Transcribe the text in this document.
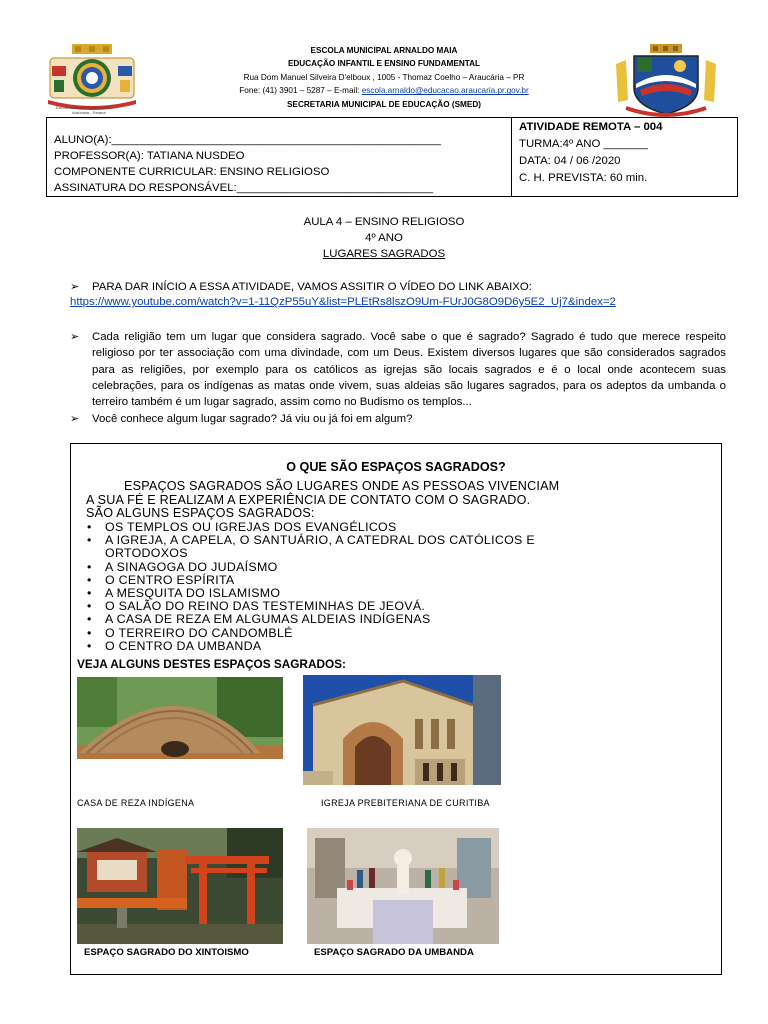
Escola Municipal Arnaldo Maia
Araucária - Paraná
ESCOLA MUNICIPAL ARNALDO MAIA
EDUCAÇÃO INFANTIL E ENSINO FUNDAMENTAL
Rua Dom Manuel Silveira D'elboux , 1005 - Thomaz Coelho – Araucária – PR
Fone: (41) 3901 – 5287 – E-mail: escola.arnaldo@educacao.araucaria.pr.gov.br
SECRETARIA MUNICIPAL DE EDUCAÇÃO (SMED)
ALUNO(A):____________________________________________________
PROFESSOR(A): TATIANA NUSDEO
COMPONENTE CURRICULAR: ENSINO RELIGIOSO
ASSINATURA DO RESPONSÁVEL:_______________________________
ATIVIDADE REMOTA – 004
TURMA:4º ANO _______
DATA: 04 / 06 /2020
C. H. PREVISTA: 60 min.
AULA 4 – ENSINO RELIGIOSO
4º ANO
LUGARES SAGRADOS
➢ PARA DAR INÍCIO A ESSA ATIVIDADE, VAMOS ASSITIR O VÍDEO DO LINK ABAIXO:
https://www.youtube.com/watch?v=1-11QzP55uY&list=PLEtRs8lszO9Um-FUrJ0G8O9D6y5E2_Uj7&index=2
➢ Cada religião tem um lugar que considera sagrado. Você sabe o que é sagrado? Sagrado é tudo que merece respeito religioso por ter associação com uma divindade, com um Deus. Existem diversos lugares que são considerados sagrados para as religiões, por exemplo para os católicos as igrejas são locais sagrados e é o local onde acontecem suas celebrações, para os indígenas as matas onde vivem, suas aldeias são lugares sagrados, para os adeptos da umbanda o terreiro também é um lugar sagrado, assim como no Budismo os templos...
➢ Você conhece algum lugar sagrado? Já viu ou já foi em algum?
O QUE SÃO ESPAÇOS SAGRADOS?
ESPAÇOS SAGRADOS SÃO LUGARES ONDE AS PESSOAS VIVENCIAM
A SUA FÉ E REALIZAM A EXPERIÊNCIA DE CONTATO COM O SAGRADO.
SÃO ALGUNS ESPAÇOS SAGRADOS:
• OS TEMPLOS OU IGREJAS DOS EVANGÉLICOS
• A IGREJA, A CAPELA, O SANTUÁRIO, A CATEDRAL DOS CATÓLICOS E ORTODOXOS
• A SINAGOGA DO JUDAÍSMO
• O CENTRO ESPÍRITA
• A MESQUITA DO ISLAMISMO
• O SALÃO DO REINO DAS TESTEMINHAS DE JEOVÁ.
• A CASA DE REZA EM ALGUMAS ALDEIAS INDÍGENAS
• O TERREIRO DO CANDOMBLÉ
• O CENTRO DA UMBANDA
VEJA ALGUNS DESTES ESPAÇOS SAGRADOS:
CASA DE REZA INDÍGENA	IGREJA PREBITERIANA DE CURITIBA
ESPAÇO SAGRADO DO XINTOISMO	ESPAÇO SAGRADO DA UMBANDA
